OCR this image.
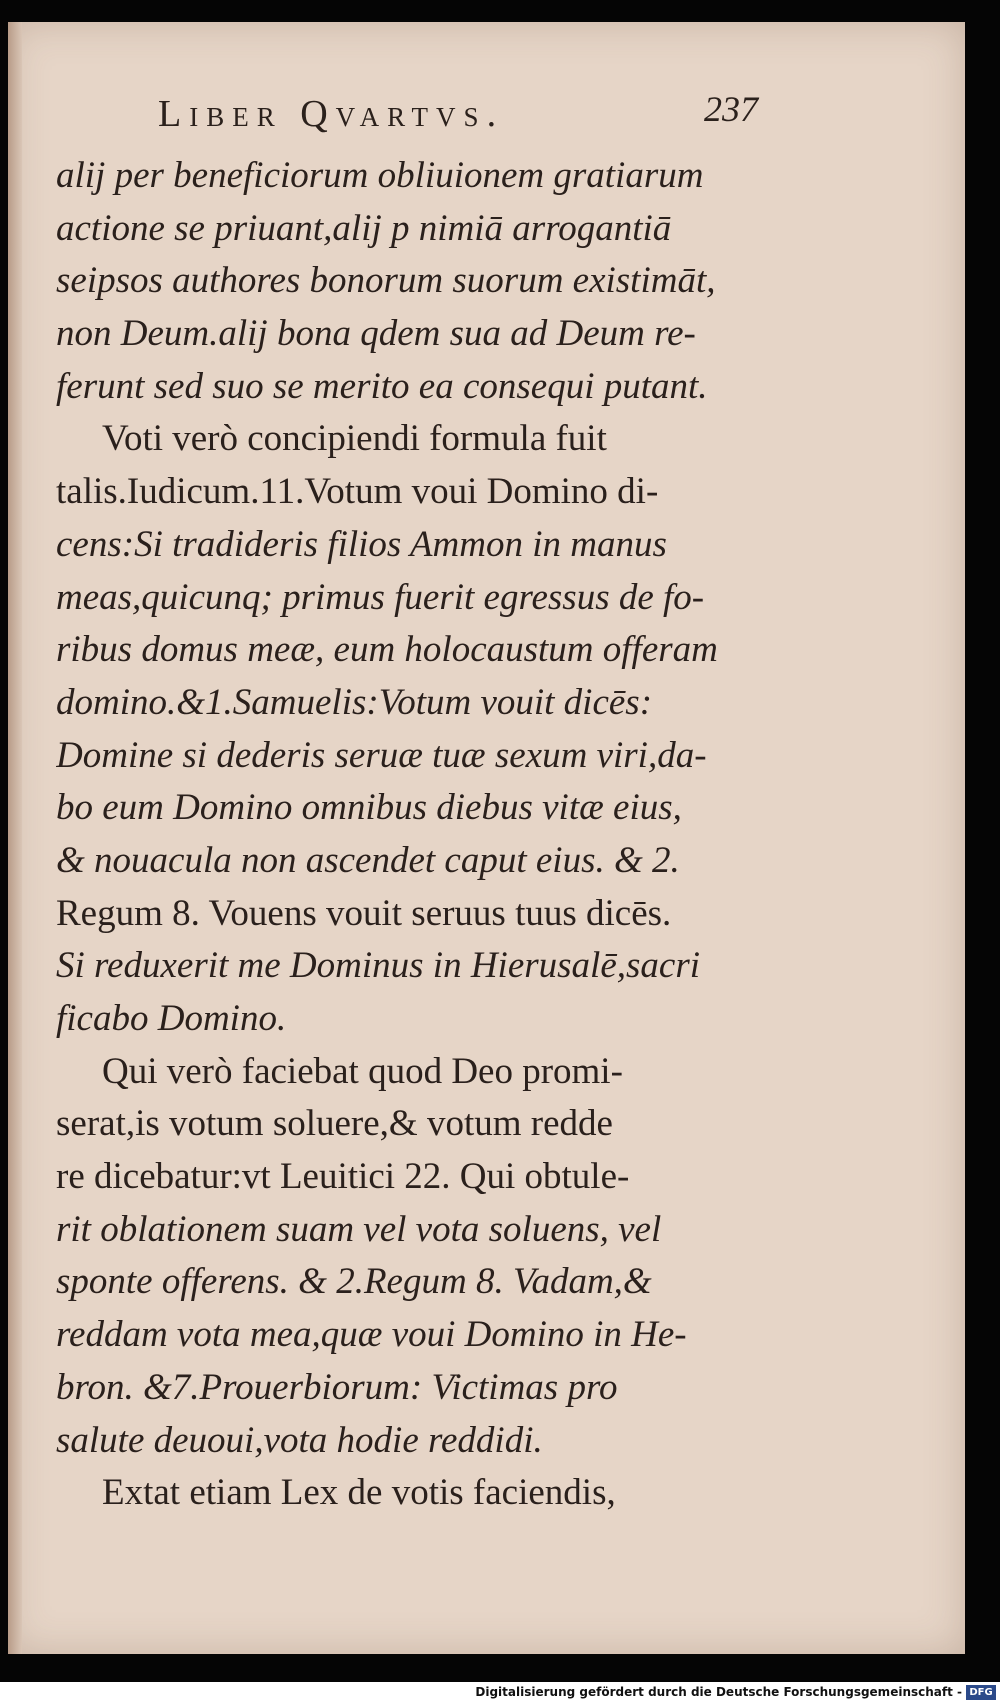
Liber Qvartvs.	237
alij per beneficiorum obliuionem gratiarum
actione se priuant,alij p nimiā arrogantiā
seipsos authores bonorum suorum existimāt,
non Deum.alij bona qdem sua ad Deum re-
ferunt sed suo se merito ea consequi putant.
Voti verò concipiendi formula fuit
talis.Iudicum.11.Votum voui Domino di-
cens:Si tradideris filios Ammon in manus
meas,quicunq; primus fuerit egressus de fo-
ribus domus meæ, eum holocaustum offeram
domino.&1.Samuelis:Votum vouit dicēs:
Domine si dederis seruæ tuæ sexum viri,da-
bo eum Domino omnibus diebus vitæ eius,
& nouacula non ascendet caput eius. & 2.
Regum 8. Vouens vouit seruus tuus dicēs.
Si reduxerit me Dominus in Hierusalē,sacri
ficabo Domino.
Qui verò faciebat quod Deo promi-
serat,is votum soluere,& votum redde
re dicebatur:vt Leuitici 22. Qui obtule-
rit oblationem suam vel vota soluens, vel
sponte offerens. & 2.Regum 8. Vadam,&
reddam vota mea,quæ voui Domino in He-
bron. &7.Prouerbiorum: Victimas pro
salute deuoui,vota hodie reddidi.
Extat etiam Lex de votis faciendis,
Digitalisierung gefördert durch die Deutsche Forschungsgemeinschaft - DFG
